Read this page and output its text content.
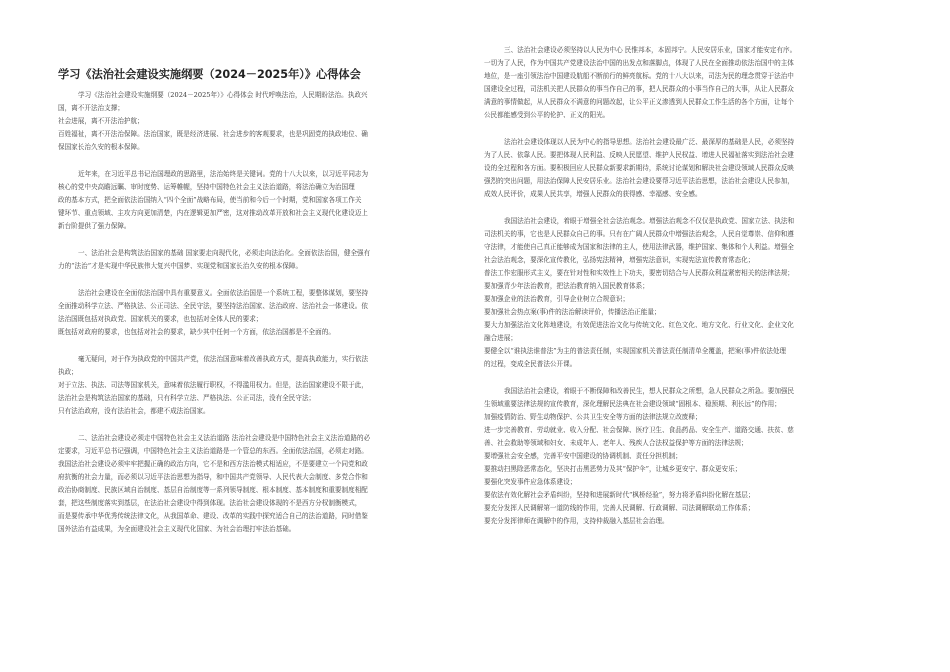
学习《法治社会建设实施纲要（2024－2025年）》心得体会
学习《法治社会建设实施纲要（2024－2025年）》心得体会 时代呼唤法治，人民期盼法治。执政兴
国，离不开法治支撑；
社会进展，离不开法治护航；
百姓福祉，离不开法治保障。法治国家，既是经济进展、社会进步的客观要求，也是巩固党的执政地位、确
保国家长治久安的根本保障。
近年来，在习近平总书记治国理政的思路里，法治始终是关键词。党的十八大以来，以习近平同志为
核心的党中央高瞻远瞩、审时度势、运筹帷幄，坚持中国特色社会主义法治道路，将法治确立为治国理
政的基本方式，把全面依法治国纳入“四个全面”战略布局，使当前和今后一个时期，党和国家各项工作关
键环节、重点领域、主攻方向更加清楚，内在逻辑更加严密，这对推动改革开放和社会主义现代化建设迈上
新台阶提供了强力保障。
一、法治社会是构筑法治国家的基础 国家要走向现代化，必须走向法治化。全面依法治国，健全强有
力的“法治”才是实现中华民族伟大复兴中国梦、实现党和国家长治久安的根本保障。
法治社会建设在全面依法治国中具有重要意义。全面依法治国是一个系统工程，要整体谋划，要坚持
全面推动科学立法、严格执法、公正司法、全民守法，要坚持法治国家、法治政府、法治社会一体建设。依
法治国既包括对执政党、国家机关的要求，也包括对全体人民的要求；
既包括对政府的要求，也包括对社会的要求，缺少其中任何一个方面，依法治国都是不全面的。
毫无疑问，对于作为执政党的中国共产党，依法治国意味着改善执政方式，提高执政能力，实行依法
执政；
对于立法、执法、司法等国家机关，意味着依法履行职权，不得滥用权力。但是，法治国家建设不限于此，
法治社会是构筑法治国家的基础，只有科学立法、严格执法、公正司法，没有全民守法；
只有法治政府，没有法治社会，都建不成法治国家。
二、法治社会建设必须走中国特色社会主义法治道路 法治社会建设是中国特色社会主义法治道路的必
定要求，习近平总书记强调，中国特色社会主义法治道路是一个管总的东西。全面依法治国，必须走对路。
我国法治社会建设必须牢牢把握正确的政治方向，它不是和西方法治模式相适应，不是要建立一个同党和政
府抗衡的社会力量，而必须以习近平法治思想为指导，和中国共产党领导、人民代表大会制度、多党合作和
政治协商制度、民族区域自治制度、基层自治制度等一系列领导制度、根本制度、基本制度和重要制度相配
套，把这些制度落实到基层，在法治社会建设中得到体现。法治社会建设体现的不是西方分权制衡模式，
而是要传承中华优秀传统法律文化，从我国革命、建设、改革的实践中探究适合自己的法治道路，同时借鉴
国外法治有益成果，为全面建设社会主义现代化国家、为社会治理打牢法治基础。
三、法治社会建设必须坚持以人民为中心 民惟邦本，本固邦宁。人民安居乐业，国家才能安定有序。
一切为了人民，作为中国共产党建设法治中国的出发点和落脚点，体现了人民在全面推动依法治国中的主体
地位，是一座引领法治中国建设航船不断前行的鲜亮航标。党的十八大以来，司法为民的理念贯穿于法治中
国建设全过程，司法机关把人民群众的事当作自己的事，把人民群众的小事当作自己的大事，从让人民群众
满意的事情做起，从人民群众不满意的问题改起，让公平正义渗透到人民群众工作生活的各个方面，让每个
公民都能感受到公平的伦护、正义的阳光。
法治社会建设体现以人民为中心的指导思想。法治社会建设最广泛、最深厚的基础是人民，必须坚持
为了人民、依靠人民。要把体现人民利益、反映人民愿望、维护人民权益、增进人民福祉落实到法治社会建
设的全过程和各方面。要积极回应人民群众新要求新期待，系统讨论谋划和解决社会建设领域人民群众反映
强烈的突出问题，用法治保障人民安居乐业。法治社会建设要帮习近平法治思想，法治社会建设人民参加，
成效人民评价，成果人民共享，增强人民群众的获得感、幸福感、安全感。
我国法治社会建设，着眼于增强全社会法治观念。增强法治观念不仅仅是执政党、国家立法、执法和
司法机关的事，它也是人民群众自己的事。只有在广阔人民群众中增强法治观念，人民自觉尊崇、信仰和遵
守法律，才能使自己真正能够成为国家和法律的主人，使用法律武器，维护国家、集体和个人利益。增强全
社会法治观念，要深化宣传教化，弘扬宪法精神，增强宪法意识，实现宪法宣传教育常态化；
普法工作宏服形式主义，要在针对性和实效性上下功夫，要密切结合与人民群众利益紧密相关的法律法规；
要加强青少年法治教育，把法治教育纳入国民教育体系；
要加强企业的法治教育，引导企业树立合规意识；
要加强社会热点案(事)件的法治解读评价，传播法治正能量；
要大力加强法治文化阵地建设，有效促进法治文化与传统文化、红色文化、地方文化、行业文化、企业文化
融合进展；
要健全以“谁执法谁普法”为主的普法责任制，实现国家机关普法责任制清单全覆盖，把案(事)件依法处理
的过程，变成全民普法公开课。
我国法治社会建设，着眼于不断保障和改善民生，想人民群众之所想，急人民群众之所急。要加强民
生领域重要法律法规的宣传教育，深化理解民法典在社会建设领域“固根本、稳预期、利长远”的作用；
加强疫情防治、野生动物保护、公共卫生安全等方面的法律法规立改废释；
进一步完善教育、劳动就业、收入分配、社会保障、医疗卫生、食品药品、安全生产、道路交通、扶贫、慈
善、社会救助等领域和妇女、未成年人、老年人、残疾人合法权益保护等方面的法律法规；
要增强社会安全感，完善平安中国建设的协调机制、责任分担机制；
要推动扫黑除恶常态化，坚决打击黑恶势力及其“保护伞”，让城乡更安宁、群众更安乐；
要强化突发事件应急体系建设；
要依法有效化解社会矛盾纠纷，坚持和进展新时代“枫桥经验”，努力将矛盾纠纷化解在基层；
要充分发挥人民调解第一道防线的作用，完善人民调解、行政调解、司法调解联动工作体系；
要充分发挥律师在调解中的作用，支持仲裁融入基层社会治理。
